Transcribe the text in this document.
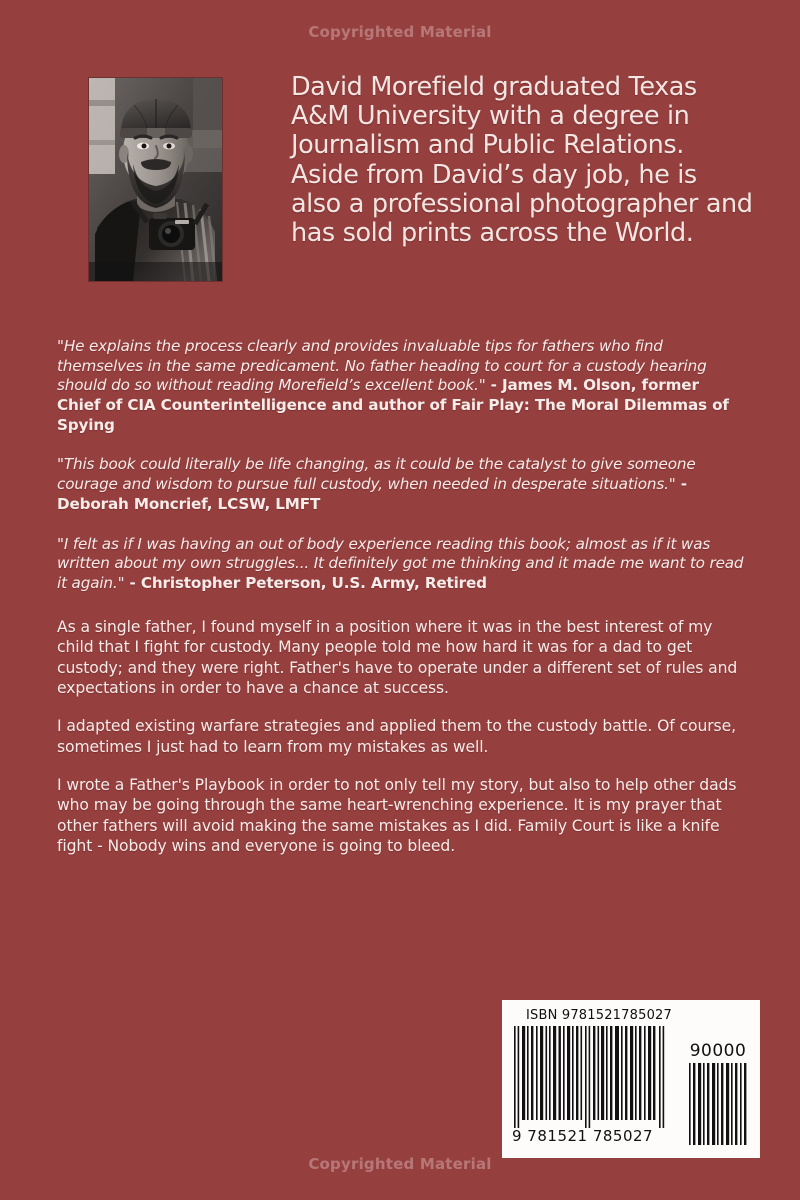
Copyrighted Material
David Morefield graduated Texas A&M University with a degree in Journalism and Public Relations. Aside from David’s day job, he is also a professional photographer and has sold prints across the World.
"He explains the process clearly and provides invaluable tips for fathers who find themselves in the same predicament. No father heading to court for a custody hearing should do so without reading Morefield’s excellent book." - James M. Olson, former Chief of CIA Counterintelligence and author of Fair Play: The Moral Dilemmas of Spying
"This book could literally be life changing, as it could be the catalyst to give someone courage and wisdom to pursue full custody, when needed in desperate situations." - Deborah Moncrief, LCSW, LMFT
"I felt as if I was having an out of body experience reading this book; almost as if it was written about my own struggles... It definitely got me thinking and it made me want to read it again." - Christopher Peterson, U.S. Army, Retired

As a single father, I found myself in a position where it was in the best interest of my child that I fight for custody. Many people told me how hard it was for a dad to get custody; and they were right. Father's have to operate under a different set of rules and expectations in order to have a chance at success.

I adapted existing warfare strategies and applied them to the custody battle. Of course, sometimes I just had to learn from my mistakes as well.

I wrote a Father's Playbook in order to not only tell my story, but also to help other dads who may be going through the same heart-wrenching experience. It is my prayer that other fathers will avoid making the same mistakes as I did. Family Court is like a knife fight - Nobody wins and everyone is going to bleed.

ISBN 9781521785027
9 781521 785027
90000
Copyrighted Material
